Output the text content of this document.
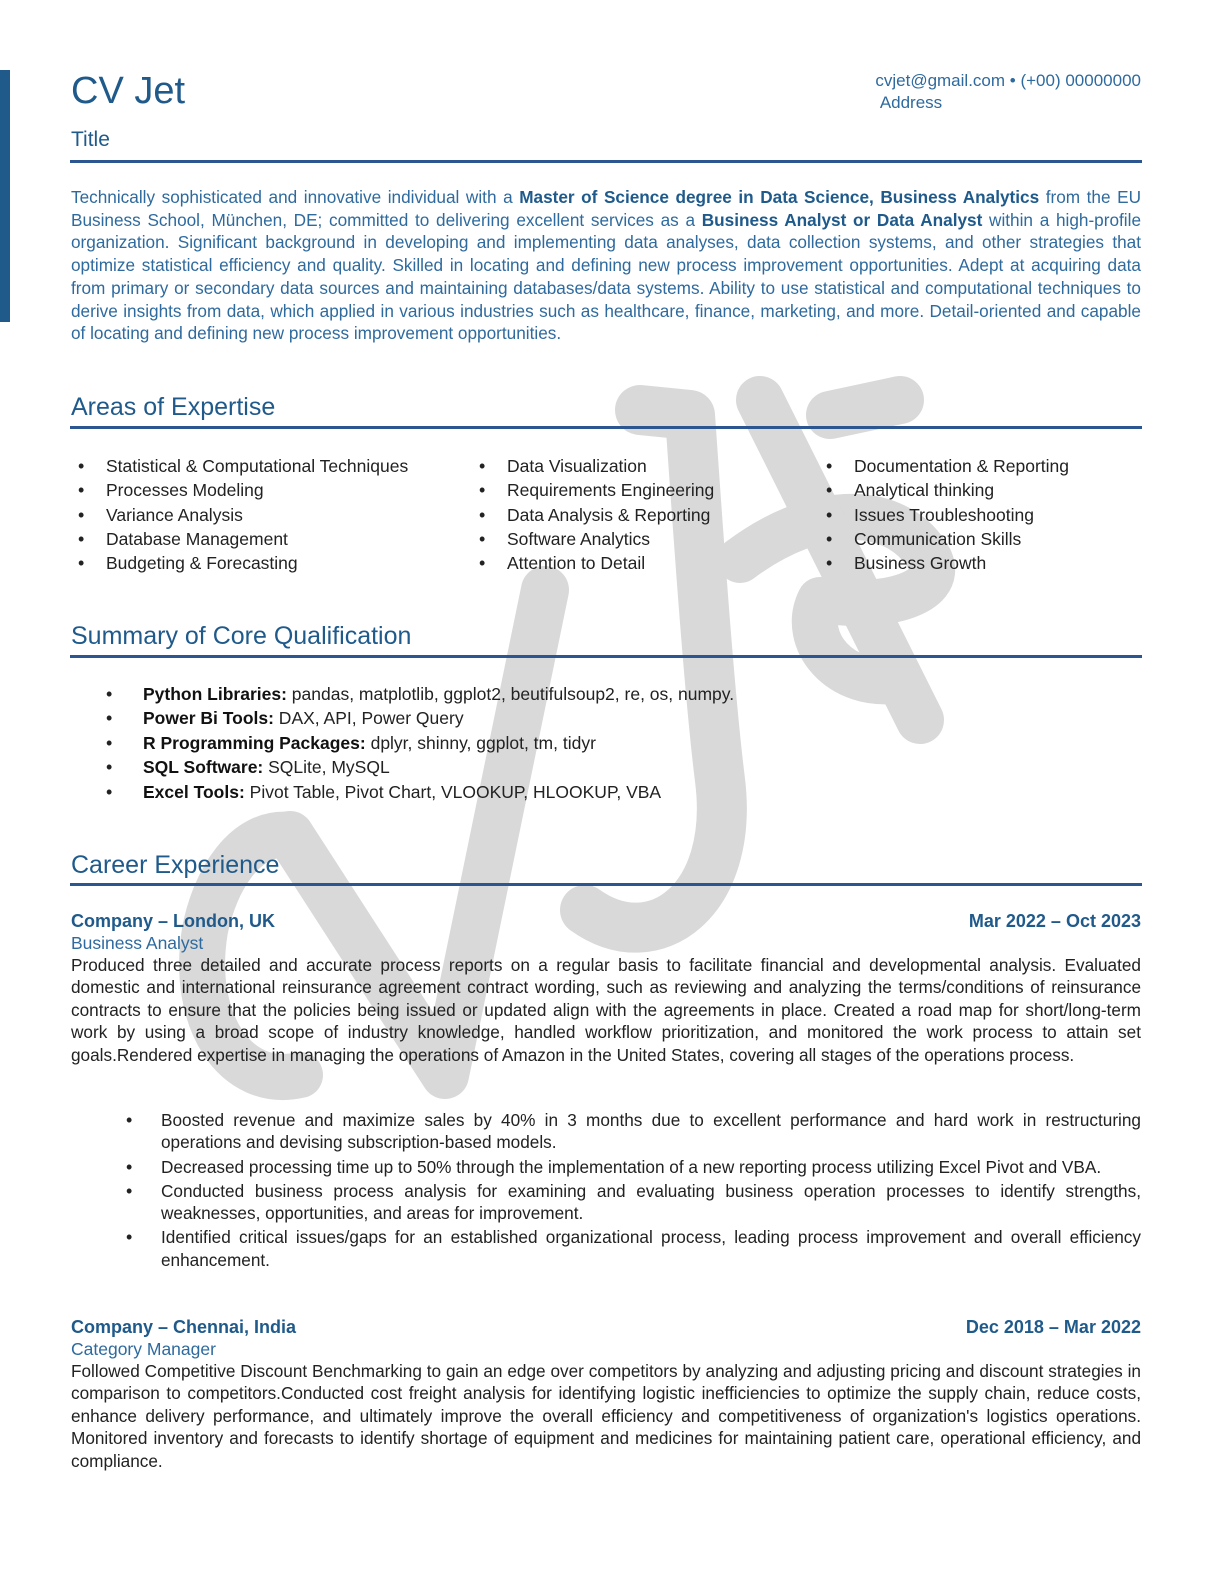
CV Jet
Title
cvjet@gmail.com • (+00) 00000000
Address
Technically sophisticated and innovative individual with a Master of Science degree in Data Science, Business Analytics from the EU Business School, München, DE; committed to delivering excellent services as a Business Analyst or Data Analyst within a high-profile organization. Significant background in developing and implementing data analyses, data collection systems, and other strategies that optimize statistical efficiency and quality. Skilled in locating and defining new process improvement opportunities. Adept at acquiring data from primary or secondary data sources and maintaining databases/data systems. Ability to use statistical and computational techniques to derive insights from data, which applied in various industries such as healthcare, finance, marketing, and more. Detail-oriented and capable of locating and defining new process improvement opportunities.
Areas of Expertise
• Statistical & Computational Techniques
• Processes Modeling
• Variance Analysis
• Database Management
• Budgeting & Forecasting
• Data Visualization
• Requirements Engineering
• Data Analysis & Reporting
• Software Analytics
• Attention to Detail
• Documentation & Reporting
• Analytical thinking
• Issues Troubleshooting
• Communication Skills
• Business Growth
Summary of Core Qualification
• Python Libraries: pandas, matplotlib, ggplot2, beutifulsoup2, re, os, numpy.
• Power Bi Tools: DAX, API, Power Query
• R Programming Packages: dplyr, shinny, ggplot, tm, tidyr
• SQL Software: SQLite, MySQL
• Excel Tools: Pivot Table, Pivot Chart, VLOOKUP, HLOOKUP, VBA
Career Experience
Company – London, UK	Mar 2022 – Oct 2023
Business Analyst
Produced three detailed and accurate process reports on a regular basis to facilitate financial and developmental analysis. Evaluated domestic and international reinsurance agreement contract wording, such as reviewing and analyzing the terms/conditions of reinsurance contracts to ensure that the policies being issued or updated align with the agreements in place. Created a road map for short/long-term work by using a broad scope of industry knowledge, handled workflow prioritization, and monitored the work process to attain set goals.Rendered expertise in managing the operations of Amazon in the United States, covering all stages of the operations process.
• Boosted revenue and maximize sales by 40% in 3 months due to excellent performance and hard work in restructuring operations and devising subscription-based models.
• Decreased processing time up to 50% through the implementation of a new reporting process utilizing Excel Pivot and VBA.
• Conducted business process analysis for examining and evaluating business operation processes to identify strengths, weaknesses, opportunities, and areas for improvement.
• Identified critical issues/gaps for an established organizational process, leading process improvement and overall efficiency enhancement.
Company – Chennai, India	Dec 2018 – Mar 2022
Category Manager
Followed Competitive Discount Benchmarking to gain an edge over competitors by analyzing and adjusting pricing and discount strategies in comparison to competitors.Conducted cost freight analysis for identifying logistic inefficiencies to optimize the supply chain, reduce costs, enhance delivery performance, and ultimately improve the overall efficiency and competitiveness of organization's logistics operations. Monitored inventory and forecasts to identify shortage of equipment and medicines for maintaining patient care, operational efficiency, and compliance.
